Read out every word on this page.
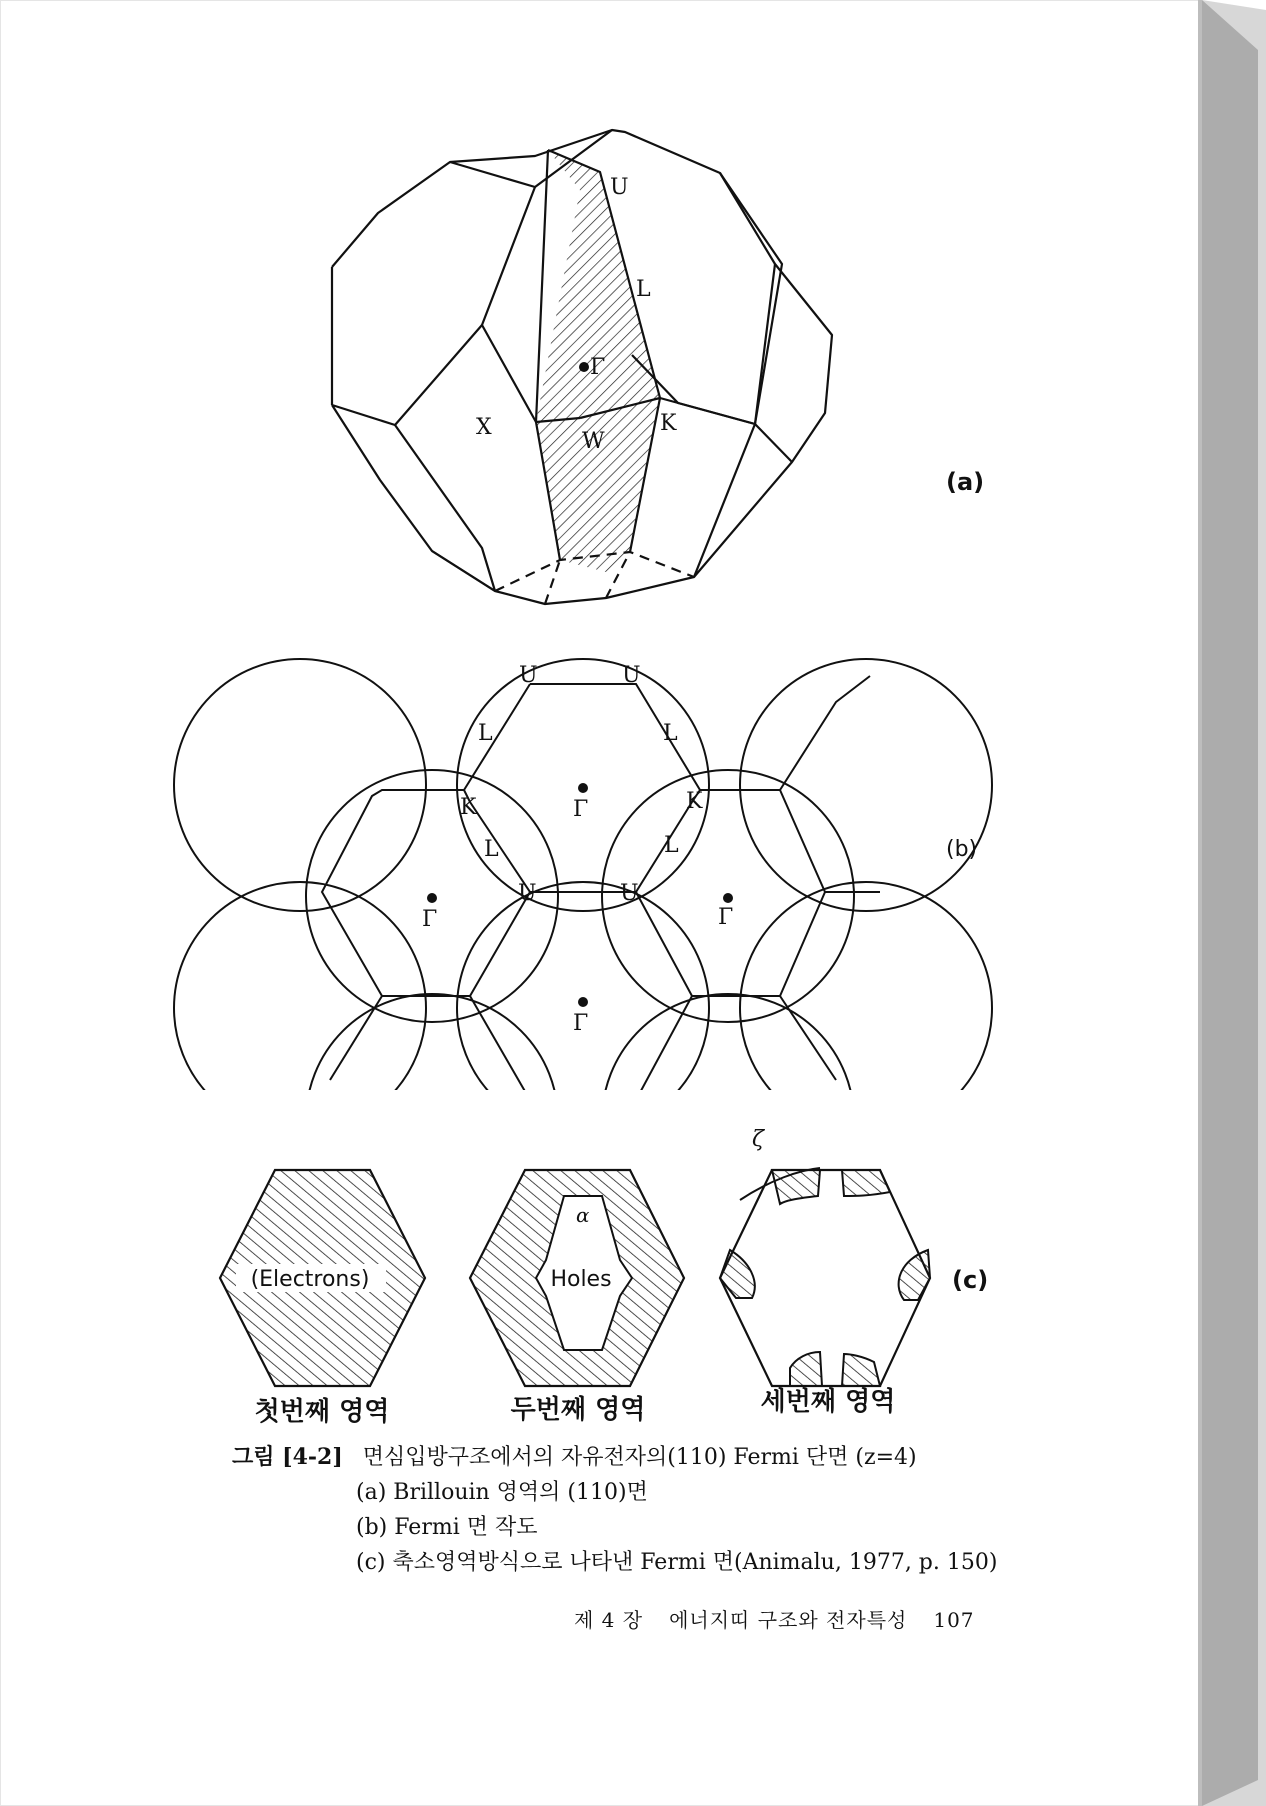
U
L
Γ
X
W
K
(a)
U	U
L	L
K	K
Γ
L	L
U	U
Γ	Γ
Γ
(b)
(Electrons)	Holes
α
ζ
(c)
첫번째 영역	두번째 영역	세번째 영역
그림 [4-2] 면심입방구조에서의 자유전자의(110) Fermi 단면 (z=4)
(a) Brillouin 영역의 (110)면
(b) Fermi 면 작도
(c) 축소영역방식으로 나타낸 Fermi 면(Animalu, 1977, p. 150)
제 4 장 에너지띠 구조와 전자특성 107
